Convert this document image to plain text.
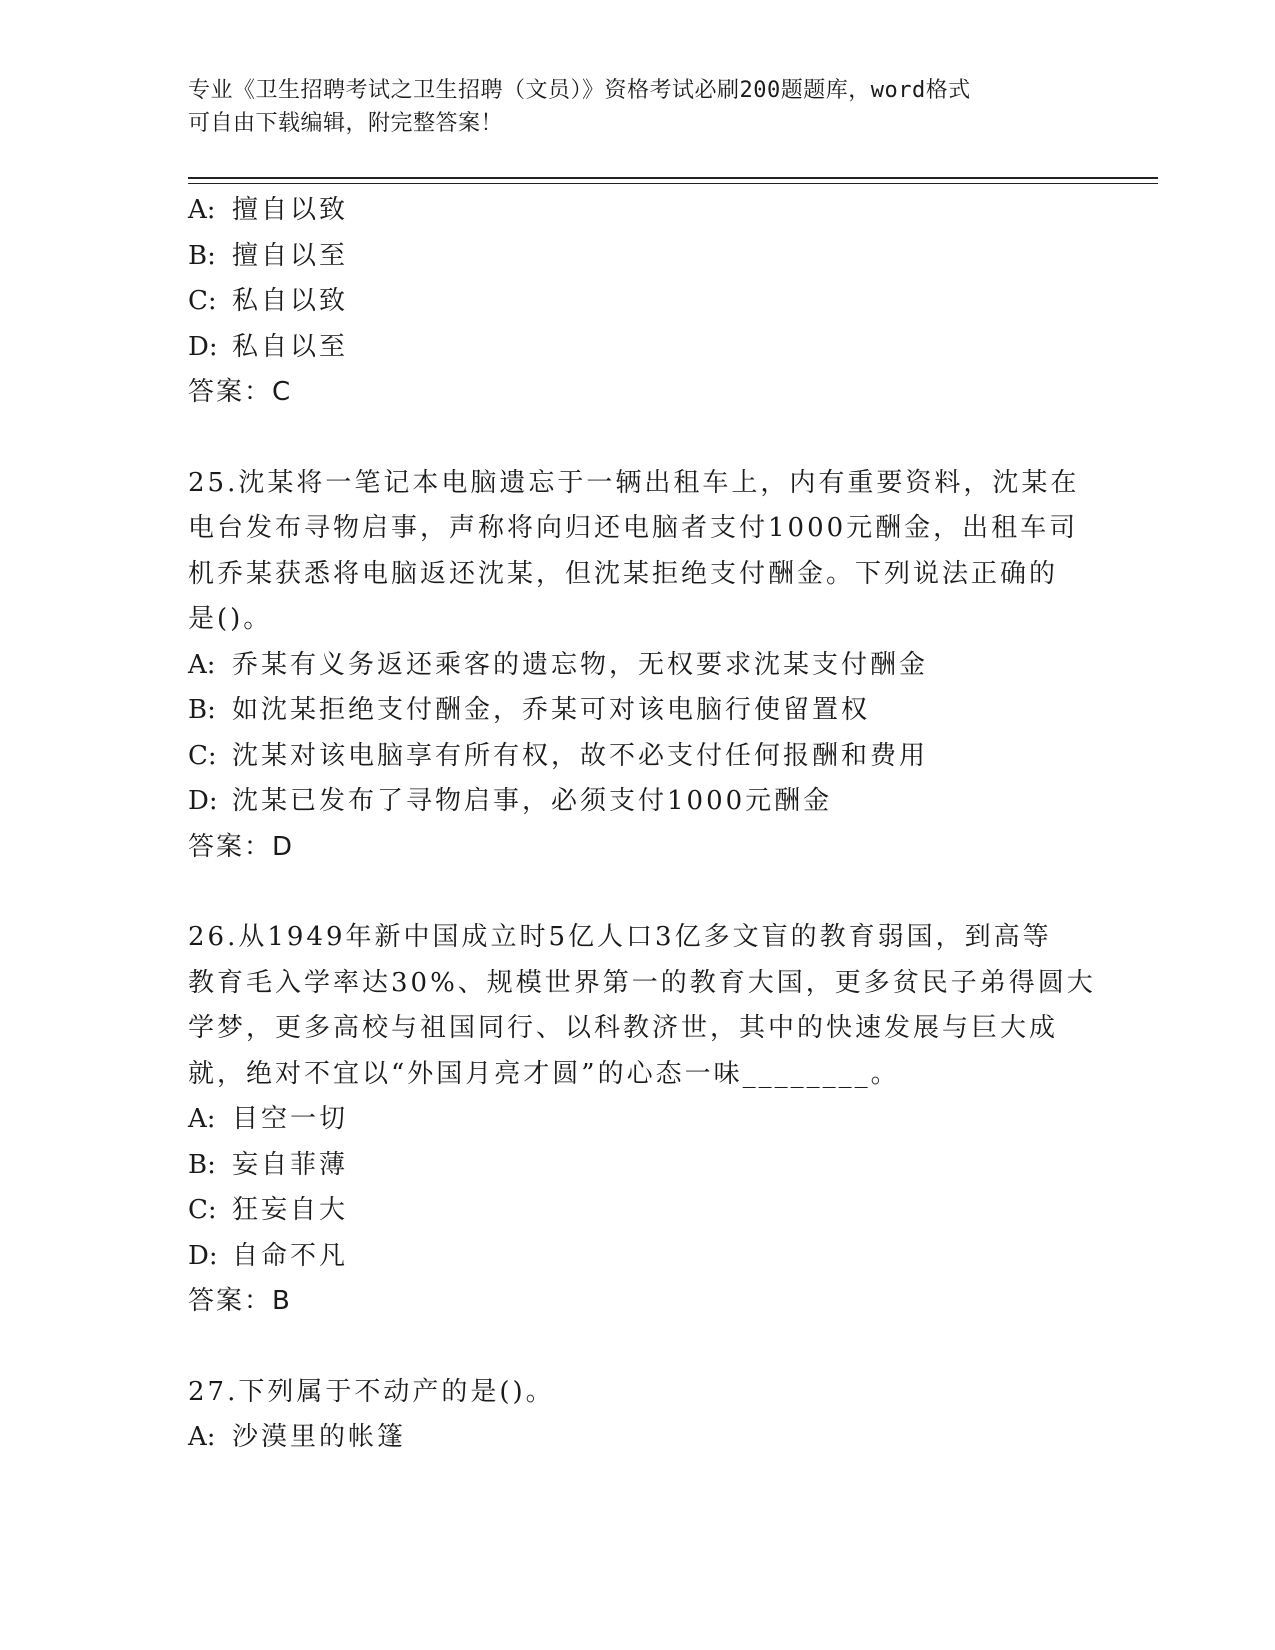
专业《卫生招聘考试之卫生招聘（文员）》资格考试必刷200题题库，word格式
可自由下载编辑，附完整答案！
A: 擅自以致
B: 擅自以至
C: 私自以致
D: 私自以至
答案：C
25.沈某将一笔记本电脑遗忘于一辆出租车上，内有重要资料，沈某在
电台发布寻物启事，声称将向归还电脑者支付1000元酬金，出租车司
机乔某获悉将电脑返还沈某，但沈某拒绝支付酬金。下列说法正确的
是()。
A: 乔某有义务返还乘客的遗忘物，无权要求沈某支付酬金
B: 如沈某拒绝支付酬金，乔某可对该电脑行使留置权
C: 沈某对该电脑享有所有权，故不必支付任何报酬和费用
D: 沈某已发布了寻物启事，必须支付1000元酬金
答案：D
26.从1949年新中国成立时5亿人口3亿多文盲的教育弱国，到高等
教育毛入学率达30%、规模世界第一的教育大国，更多贫民子弟得圆大
学梦，更多高校与祖国同行、以科教济世，其中的快速发展与巨大成
就，绝对不宜以“外国月亮才圆”的心态一味________。
A: 目空一切
B: 妄自菲薄
C: 狂妄自大
D: 自命不凡
答案：B
27.下列属于不动产的是()。
A: 沙漠里的帐篷
